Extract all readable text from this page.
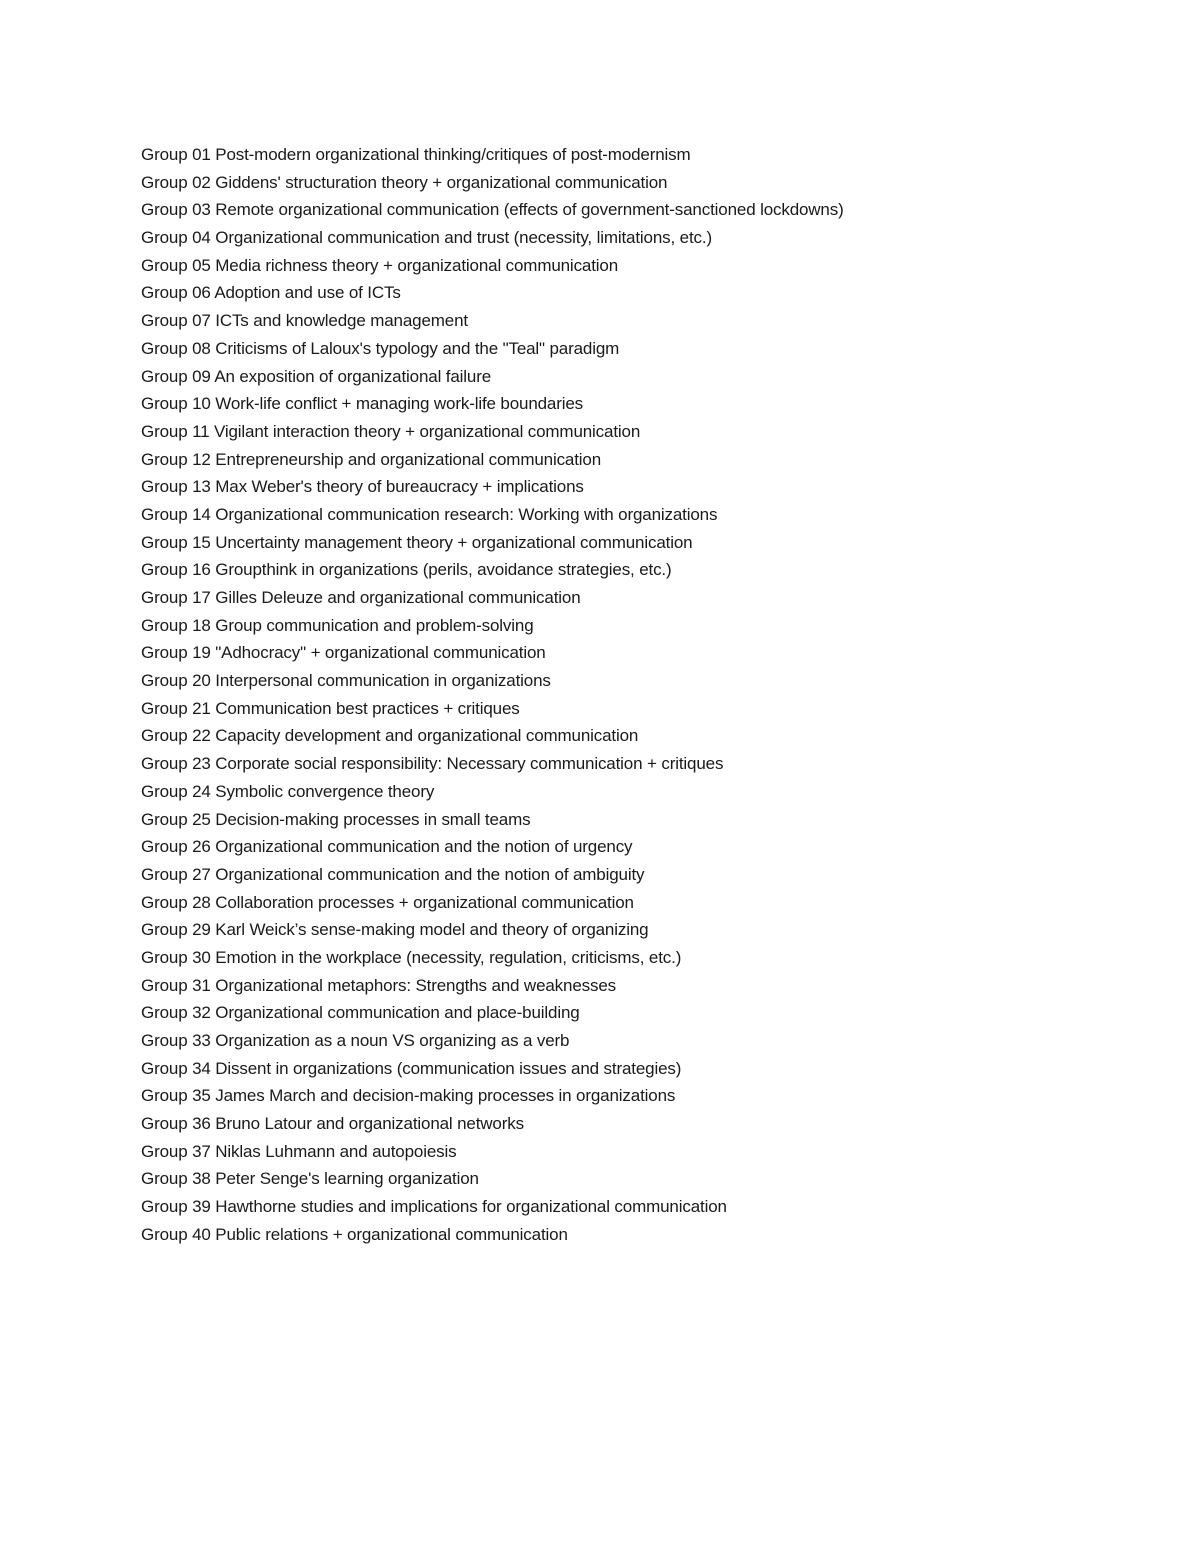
Group 01 Post-modern organizational thinking/critiques of post-modernism
Group 02 Giddens' structuration theory + organizational communication
Group 03 Remote organizational communication (effects of government-sanctioned lockdowns)
Group 04 Organizational communication and trust (necessity, limitations, etc.)
Group 05 Media richness theory + organizational communication
Group 06 Adoption and use of ICTs
Group 07 ICTs and knowledge management
Group 08 Criticisms of Laloux's typology and the "Teal" paradigm
Group 09 An exposition of organizational failure
Group 10 Work-life conflict + managing work-life boundaries
Group 11 Vigilant interaction theory + organizational communication
Group 12 Entrepreneurship and organizational communication
Group 13 Max Weber's theory of bureaucracy + implications
Group 14 Organizational communication research: Working with organizations
Group 15 Uncertainty management theory + organizational communication
Group 16 Groupthink in organizations (perils, avoidance strategies, etc.)
Group 17 Gilles Deleuze and organizational communication
Group 18 Group communication and problem-solving
Group 19 "Adhocracy" + organizational communication
Group 20 Interpersonal communication in organizations
Group 21 Communication best practices + critiques
Group 22 Capacity development and organizational communication
Group 23 Corporate social responsibility: Necessary communication + critiques
Group 24 Symbolic convergence theory
Group 25 Decision-making processes in small teams
Group 26 Organizational communication and the notion of urgency
Group 27 Organizational communication and the notion of ambiguity
Group 28 Collaboration processes + organizational communication
Group 29 Karl Weick’s sense-making model and theory of organizing
Group 30 Emotion in the workplace (necessity, regulation, criticisms, etc.)
Group 31 Organizational metaphors: Strengths and weaknesses
Group 32 Organizational communication and place-building
Group 33 Organization as a noun VS organizing as a verb
Group 34 Dissent in organizations (communication issues and strategies)
Group 35 James March and decision-making processes in organizations
Group 36 Bruno Latour and organizational networks
Group 37 Niklas Luhmann and autopoiesis
Group 38 Peter Senge's learning organization
Group 39 Hawthorne studies and implications for organizational communication
Group 40 Public relations + organizational communication
